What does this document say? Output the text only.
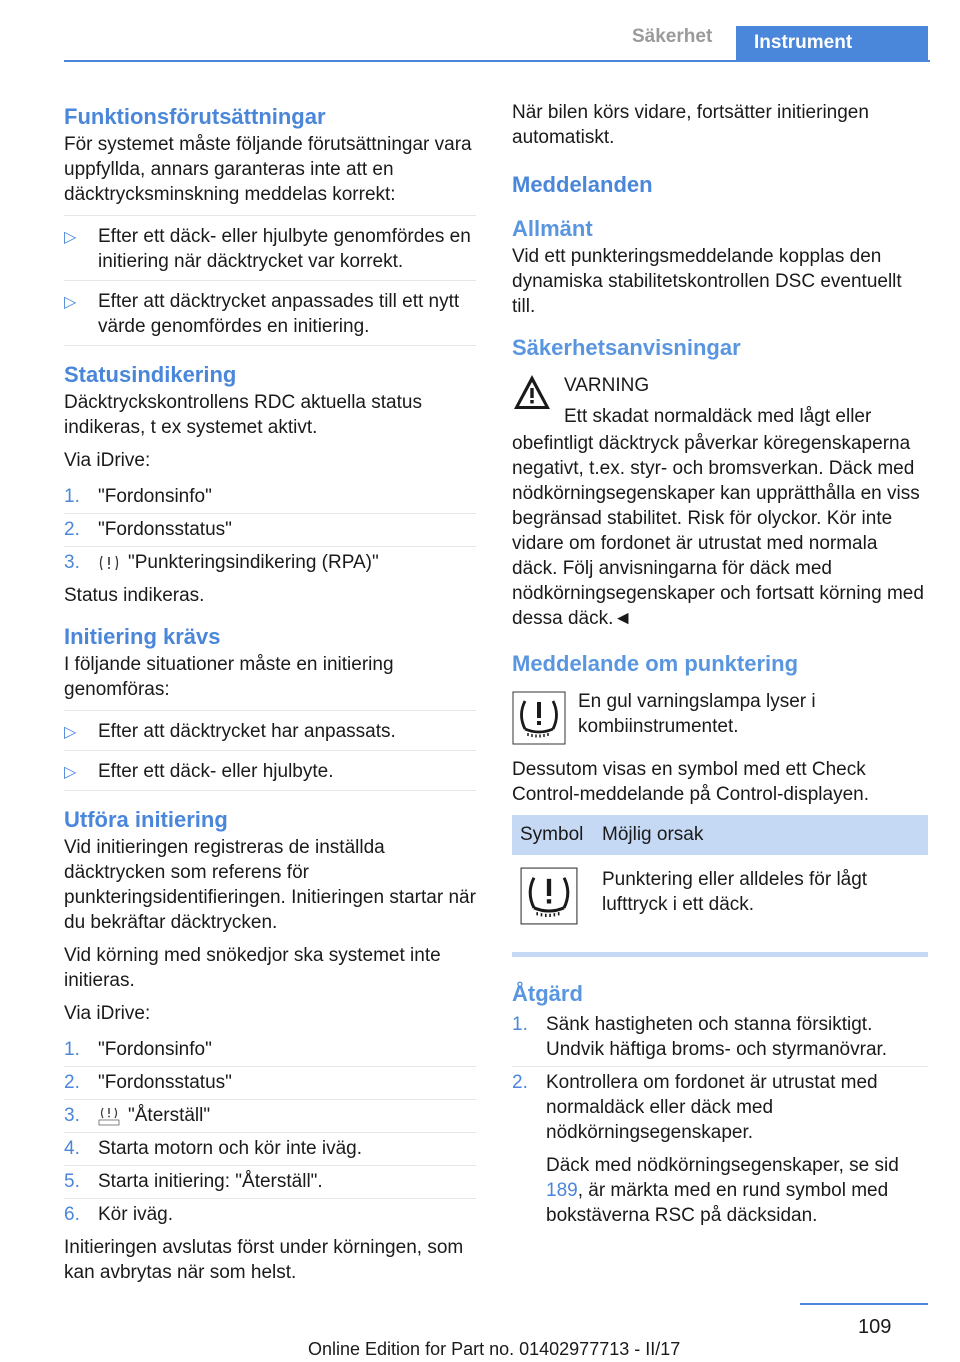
Säkerhet	Instrument
Funktionsförutsättningar

För systemet måste följande förutsättningar vara uppfyllda, annars garanteras inte att en däcktrycksminskning meddelas korrekt:

▷ Efter ett däck- eller hjulbyte genomfördes en initiering när däcktrycket var korrekt.
▷ Efter att däcktrycket anpassades till ett nytt värde genomfördes en initiering.
Statusindikering

Däcktryckskontrollens RDC aktuella status indikeras, t ex systemet aktivt.

Via iDrive:

1. "Fordonsinfo"
2. "Fordonsstatus"
3.	"Punkteringsindikering (RPA)"

Status indikeras.

Initiering krävs

I följande situationer måste en initiering genomföras:

▷ Efter att däcktrycket har anpassats.
▷ Efter ett däck- eller hjulbyte.
Utföra initiering

Vid initieringen registreras de inställda däcktrycken som referens för punkteringsidentifieringen. Initieringen startar när du bekräftar däcktrycken.

Vid körning med snökedjor ska systemet inte initieras.

Via iDrive:

1. "Fordonsinfo"
2. "Fordonsstatus"
3.	"Återställ"
4. Starta motorn och kör inte iväg.
5. Starta initiering: "Återställ".
6. Kör iväg.

Initieringen avslutas först under körningen, som kan avbrytas när som helst.

När bilen körs vidare, fortsätter initieringen automatiskt.

Meddelanden
Allmänt

Vid ett punkteringsmeddelande kopplas den dynamiska stabilitetskontrollen DSC eventuellt till.

Säkerhetsanvisningar
VARNING
Ett skadat normaldäck med lågt eller
obefintligt däcktryck påverkar köregenskaperna negativt, t.ex. styr- och bromsverkan. Däck med nödkörningsegenskaper kan upprätthålla en viss begränsad stabilitet. Risk för olyckor. Kör inte vidare om fordonet är utrustat med normala däck. Följ anvisningarna för däck med nödkörningsegenskaper och fortsatt körning med dessa däck.◄
Meddelande om punktering

En gul varningslampa lyser i kombiinstrumentet.

Dessutom visas en symbol med ett Check Control-meddelande på Control-displayen.

Symbol	Möjlig orsak
	Punktering eller alldeles för lågt lufttryck i ett däck.
Åtgärd
1. Sänk hastigheten och stanna försiktigt. Undvik häftiga broms- och styrmanövrar.
2. Kontrollera om fordonet är utrustat med normaldäck eller däck med nödkörningsegenskaper.
Däck med nödkörningsegenskaper, se sid 189, är märkta med en rund symbol med bokstäverna RSC på däcksidan.
109
Online Edition for Part no. 01402977713 - II/17
